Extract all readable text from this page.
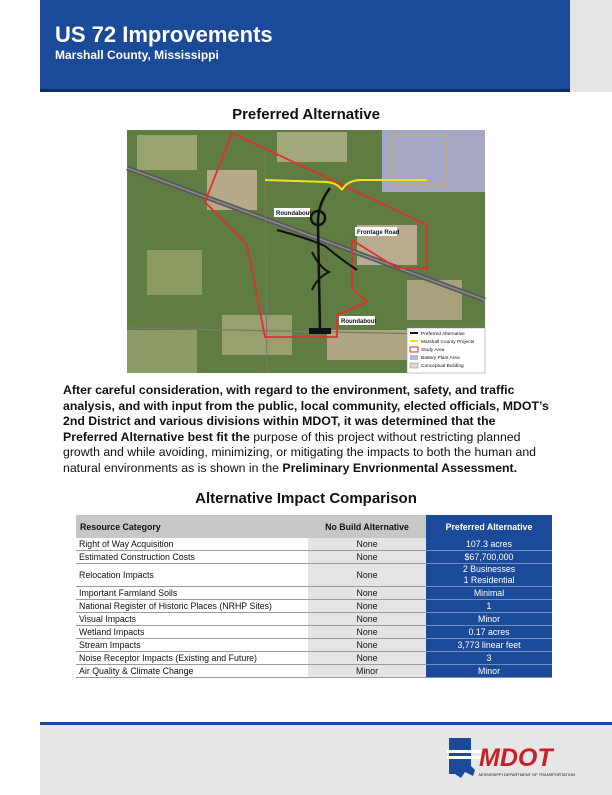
US 72 Improvements

Marshall County, Mississippi

Preferred Alternative
Roundabout
Frontage Road
Roundabout
Preferred Alternative
Marshall County Projects
Study Area
Battery Plant Area
Conceptual Building

After careful consideration, with regard to the environment, safety, and traffic analysis, and with input from the public, local community, elected officials, MDOT’s 2nd District and various divisions within MDOT, it was determined that the Preferred Alternative best fit the purpose of this project without restricting planned growth and while avoiding, minimizing, or mitigating the impacts to both the human and natural environments as is shown in the Preliminary Envrionmental Assessment.

Alternative Impact Comparison
Resource Category	No Build Alternative	Preferred Alternative
Right of Way Acquisition	None	107.3 acres
Estimated Construction Costs	None	$67,700,000
Relocation Impacts	None	2 Businesses
1 Residential

Important Farmland Soils	None	Minimal
National Register of Historic Places (NRHP Sites)	None	1
Visual Impacts	None	Minor
Wetland Impacts	None	0.17 acres
Stream Impacts	None	3,773 linear feet
Noise Receptor Impacts (Existing and Future)	None	3
Air Quality & Climate Change	Minor	Minor
MDOT
MISSISSIPPI DEPARTMENT OF TRANSPORTATION
